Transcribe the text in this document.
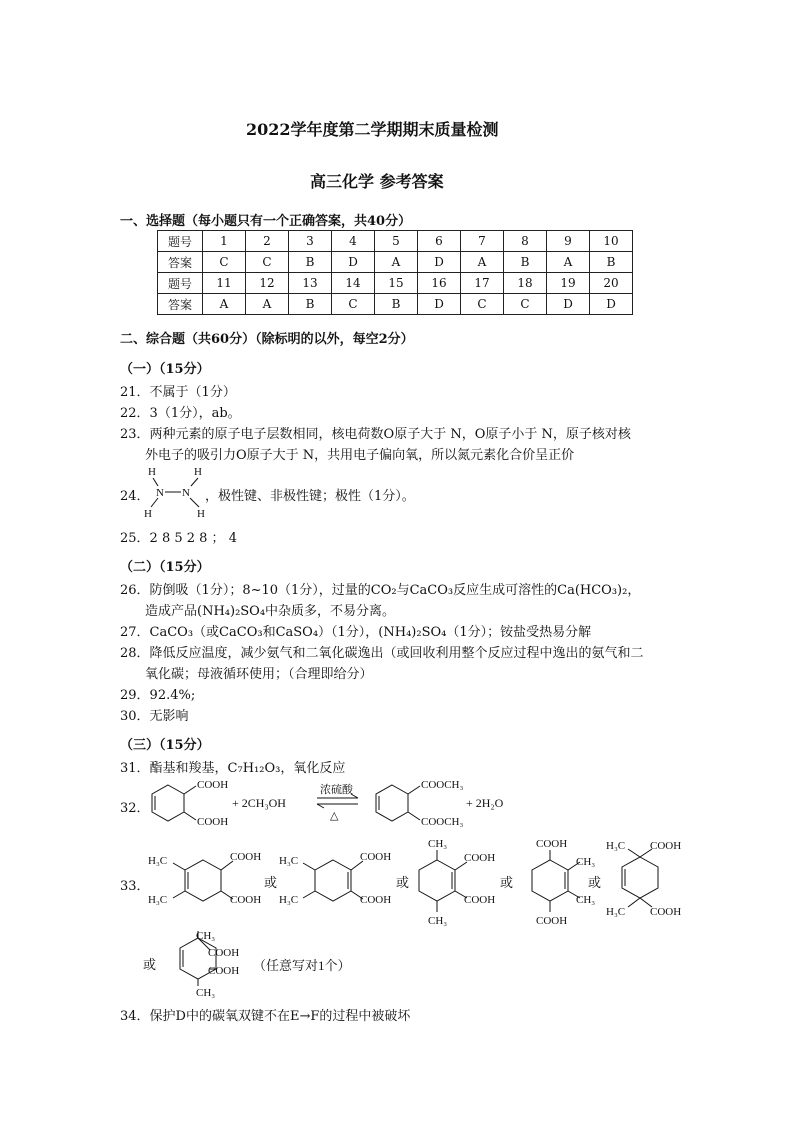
2022学年度第二学期期末质量检测
高三化学 参考答案
一、选择题（每小题只有一个正确答案，共40分）
题号	1	2	3	4	5	6	7	8	9	10
答案	C	C	B	D	A	D	A	B	A	B
题号	11	12	13	14	15	16	17	18	19	20
答案	A	A	B	C	B	D	C	C	D	D
二、综合题（共60分）（除标明的以外，每空2分）
（一）（15分）
21．不属于（1分）
22．3（1分），ab。
23．两种元素的原子电子层数相同，核电荷数O原子大于 N，O原子小于 N，原子核对核
外电子的吸引力O原子大于 N，共用电子偏向氧，所以氮元素化合价呈正价
24．
H	H
N N
H	H
，极性键、非极性键；极性（1分）。
25．2 8 5 2 8 ； 4
（二）（15分）
26．防倒吸（1分）；8~10（1分），过量的CO₂与CaCO₃反应生成可溶性的Ca(HCO₃)₂，
造成产品(NH₄)₂SO₄中杂质多，不易分离。
27．CaCO₃（或CaCO₃和CaSO₄）（1分），(NH₄)₂SO₄（1分）；铵盐受热易分解
28．降低反应温度，减少氨气和二氧化碳逸出（或回收利用整个反应过程中逸出的氨气和二
氧化碳；母液循环使用；（合理即给分）
29．92.4%;
30．无影响
（三）（15分）
31．酯基和羧基，C₇H₁₂O₃，氧化反应
32．
COOH
COOH
+ 2CH₃OH
浓硫酸
△
COOCH₃
COOCH₃
+ 2H₂O
33．
H₃C
H₃C
COOH
COOH
或
H₃C
H₃C
COOH
COOH
或
CH₃
CH₃
COOH
COOH
或
COOH
COOH
CH₃
CH₃
或
H₃C COOH
H₃C COOH
或
CH₃
COOH
COOH
CH₃
（任意写对1个）
34．保护D中的碳氧双键不在E→F的过程中被破坏
